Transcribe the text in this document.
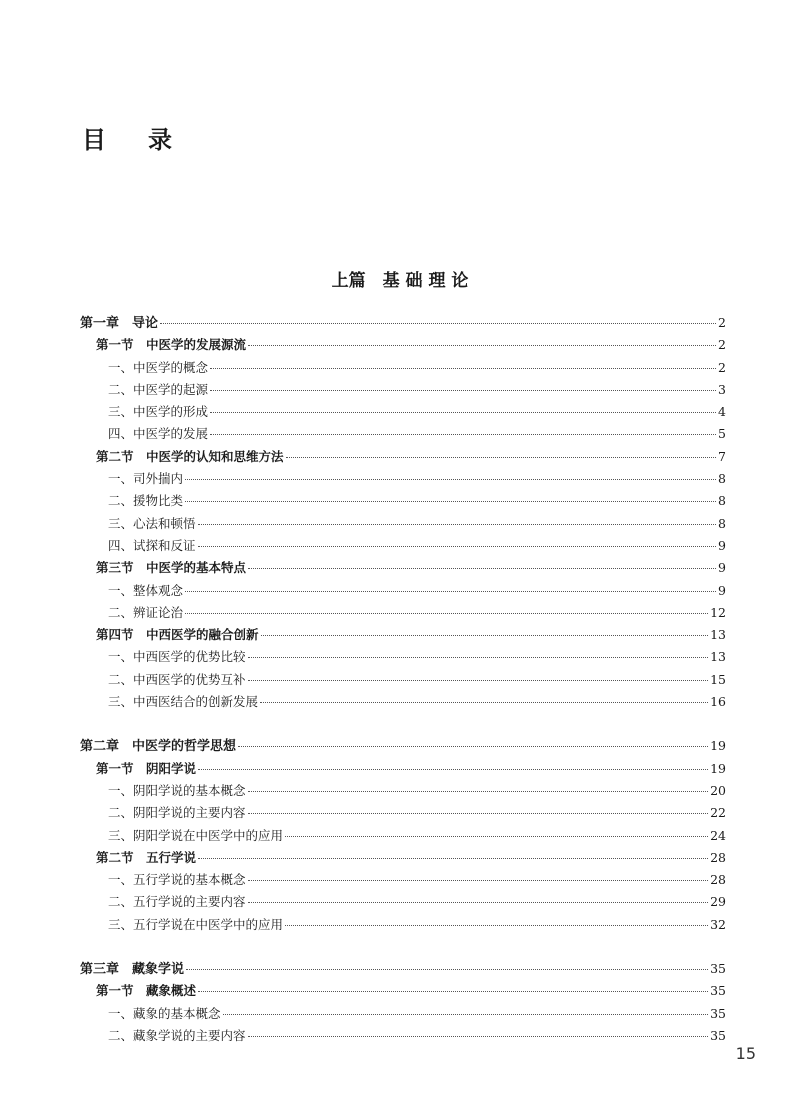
目 录
上篇　基 础 理 论
第一章　导论	2
第一节　中医学的发展源流	2
一、中医学的概念	2
二、中医学的起源	3
三、中医学的形成	4
四、中医学的发展	5
第二节　中医学的认知和思维方法	7
一、司外揣内	8
二、援物比类	8
三、心法和顿悟	8
四、试探和反证	9
第三节　中医学的基本特点	9
一、整体观念	9
二、辨证论治	12
第四节　中西医学的融合创新	13
一、中西医学的优势比较	13
二、中西医学的优势互补	15
三、中西医结合的创新发展	16
第二章　中医学的哲学思想	19
第一节　阴阳学说	19
一、阴阳学说的基本概念	20
二、阴阳学说的主要内容	22
三、阴阳学说在中医学中的应用	24
第二节　五行学说	28
一、五行学说的基本概念	28
二、五行学说的主要内容	29
三、五行学说在中医学中的应用	32
第三章　藏象学说	35
第一节　藏象概述	35
一、藏象的基本概念	35
二、藏象学说的主要内容	35
15
